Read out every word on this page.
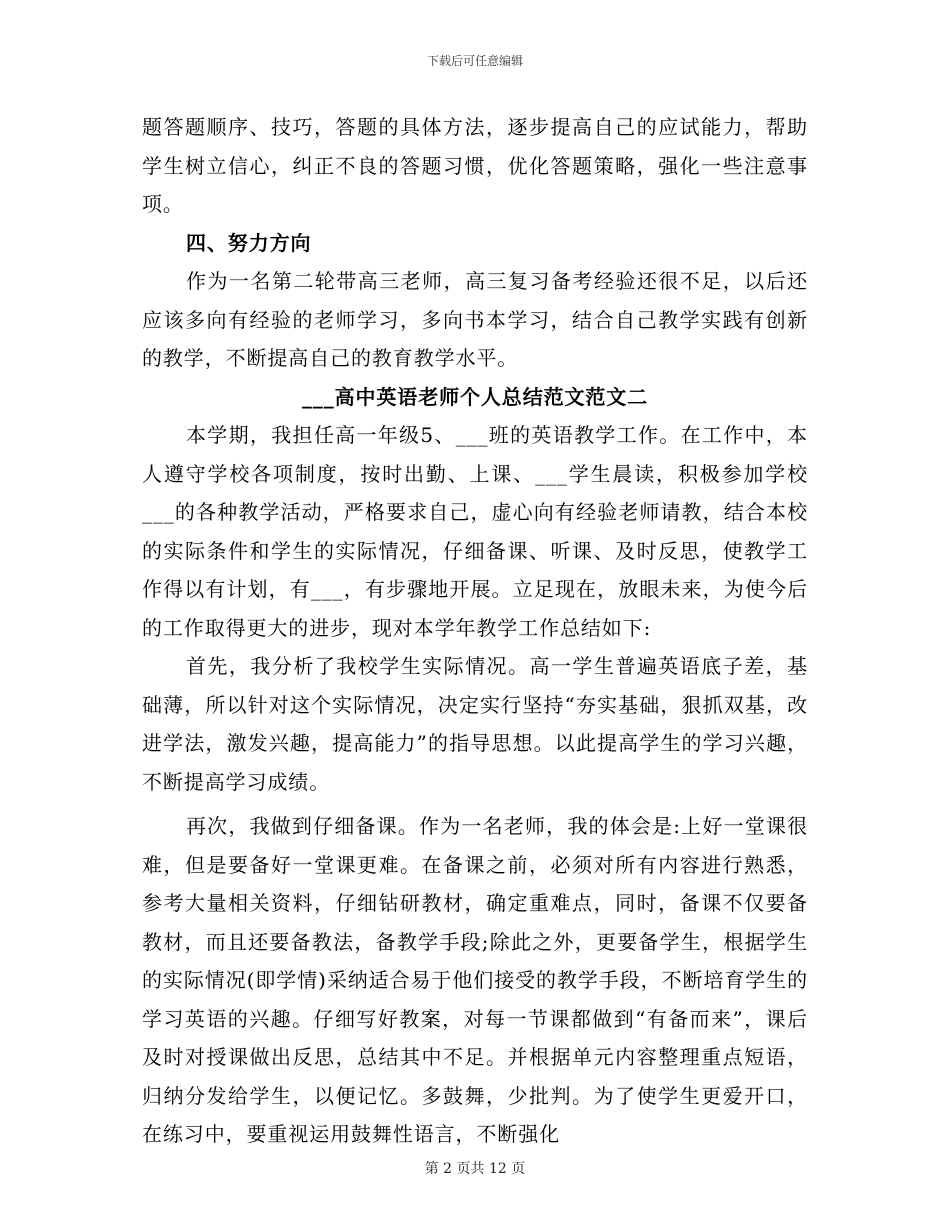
下载后可任意编辑

题答题顺序、技巧，答题的具体方法，逐步提高自己的应试能力，帮助学生树立信心，纠正不良的答题习惯，优化答题策略，强化一些注意事项。

四、努力方向

作为一名第二轮带高三老师，高三复习备考经验还很不足，以后还应该多向有经验的老师学习，多向书本学习，结合自己教学实践有创新的教学，不断提高自己的教育教学水平。

___高中英语老师个人总结范文范文二

本学期，我担任高一年级5、___班的英语教学工作。在工作中，本人遵守学校各项制度，按时出勤、上课、___学生晨读，积极参加学校___的各种教学活动，严格要求自己，虚心向有经验老师请教，结合本校的实际条件和学生的实际情况，仔细备课、听课、及时反思，使教学工作得以有计划，有___，有步骤地开展。立足现在，放眼未来，为使今后的工作取得更大的进步，现对本学年教学工作总结如下:

首先，我分析了我校学生实际情况。高一学生普遍英语底子差，基础薄，所以针对这个实际情况，决定实行坚持“夯实基础，狠抓双基，改进学法，激发兴趣，提高能力”的指导思想。以此提高学生的学习兴趣，不断提高学习成绩。

再次，我做到仔细备课。作为一名老师，我的体会是:上好一堂课很难，但是要备好一堂课更难。在备课之前，必须对所有内容进行熟悉，参考大量相关资料，仔细钻研教材，确定重难点，同时，备课不仅要备教材，而且还要备教法，备教学手段;除此之外，更要备学生，根据学生的实际情况(即学情)采纳适合易于他们接受的教学手段，不断培育学生的学习英语的兴趣。仔细写好教案，对每一节课都做到“有备而来”，课后及时对授课做出反思，总结其中不足。并根据单元内容整理重点短语，归纳分发给学生，以便记忆。多鼓舞，少批判。为了使学生更爱开口，在练习中，要重视运用鼓舞性语言，不断强化

第 2 页共 12 页
